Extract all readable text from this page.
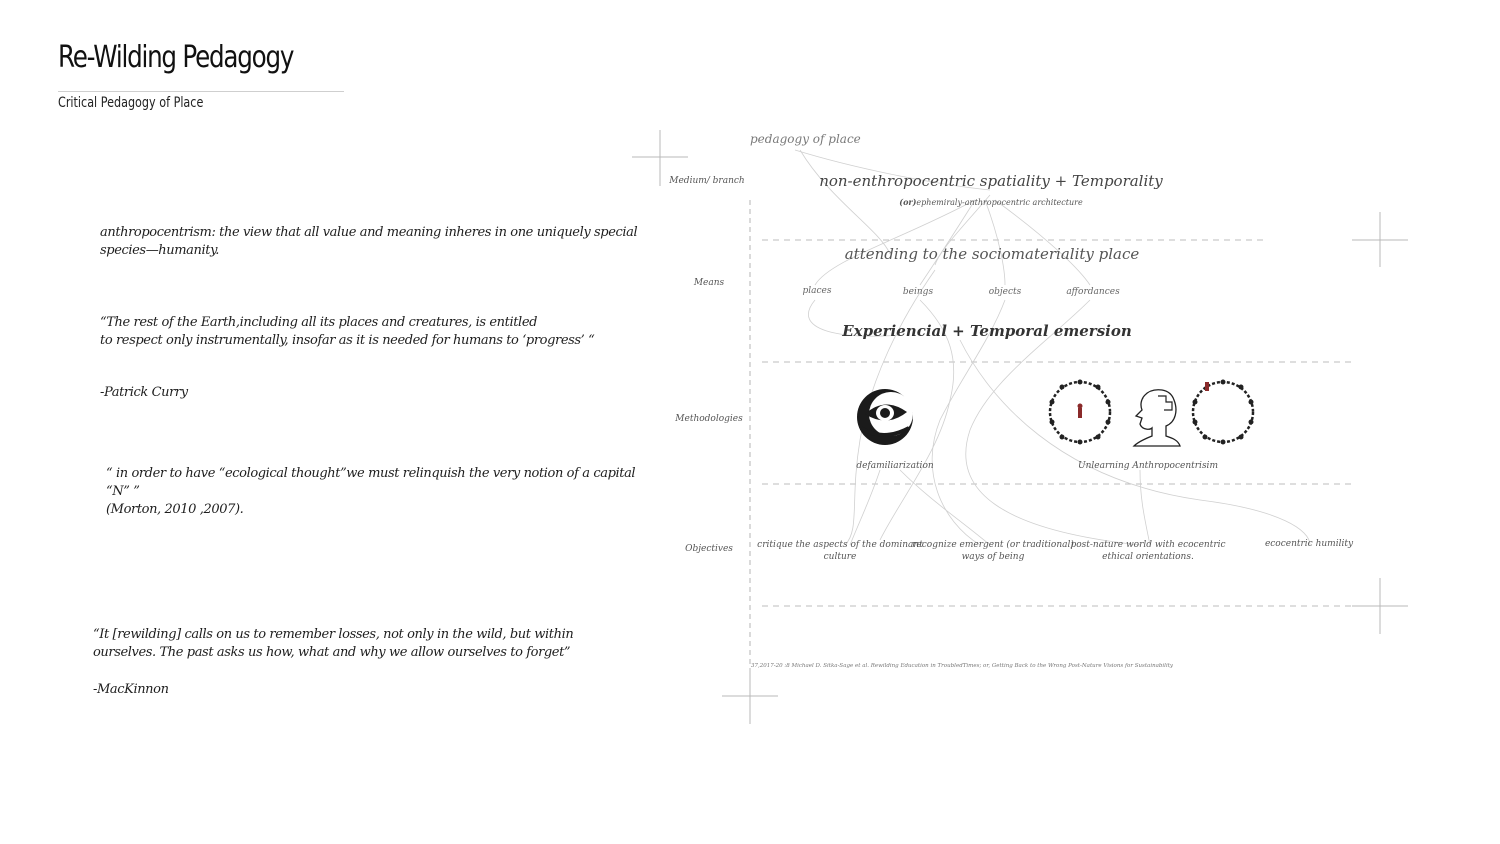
Re-Wilding Pedagogy
Critical Pedagogy of Place
anthropocentrism: the view that all value and meaning inheres in one uniquely special
species—humanity.
“The rest of the Earth,including all its places and creatures, is entitled
to respect only instrumentally, insofar as it is needed for humans to ‘progress’ “
-Patrick Curry
“ in order to have “ecological thought”we must relinquish the very notion of a capital
“N” ”
(Morton, 2010 ,2007).
“It [rewilding] calls on us to remember losses, not only in the wild, but within
ourselves. The past asks us how, what and why we allow ourselves to forget”
-MacKinnon
pedagogy of place
Medium/ branch
Means
Methodologies
Objectives
non-enthropocentric spatiality + Temporality
(or)ephemiraly-anthropocentric architecture
attending to the sociomateriality place
places	beings	objects	affordances
Experiencial + Temporal emersion
defamiliarization	Unlearning Anthropocentrisim
critique the aspects of the dominant
culture
recognize emergent (or traditional)
ways of being
post-nature world with ecocentric
ethical orientations.
ecocentric humility
37,2017-20 :8 Michael D. Sitka-Sage et al. Rewilding Education in TroubledTimes; or, Getting Back to the Wrong Post-Nature Visions for Sustainability
